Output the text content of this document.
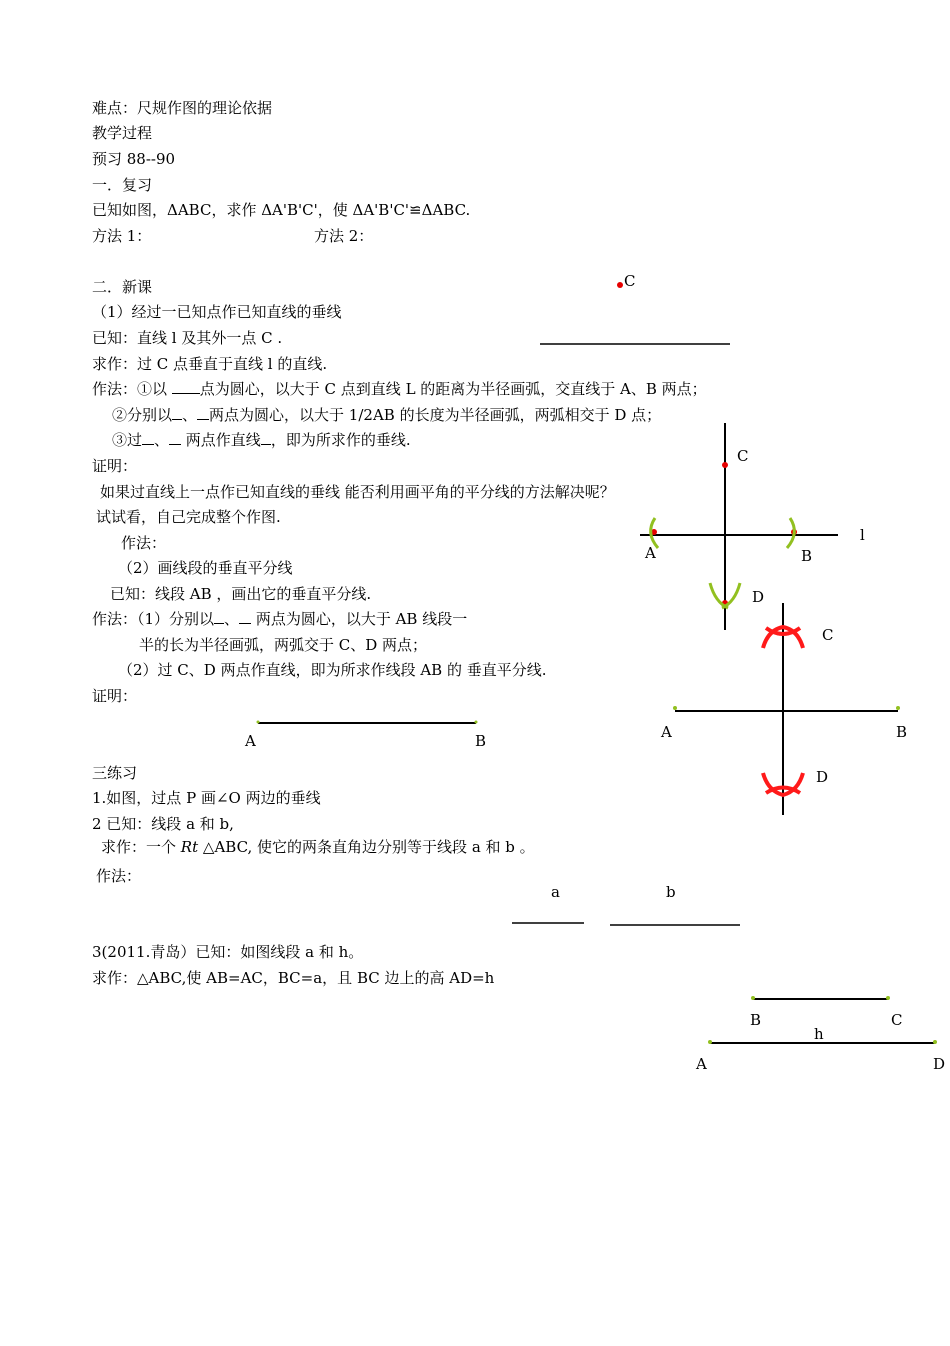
难点：尺规作图的理论依据
教学过程
预习 88--90
一．复习
已知如图，ΔABC，求作 ΔA'B'C'，使 ΔA'B'C'≌ΔABC.
方法 1：	方法 2：
二．新课
（1）经过一已知点作已知直线的垂线
已知：直线 l 及其外一点 C .
求作：过 C 点垂直于直线 l 的直线.
作法：①以 点为圆心，以大于 C 点到直线 L 的距离为半径画弧，交直线于 A、B 两点；
②分别以 、 两点为圆心，以大于 1/2AB 的长度为半径画弧，两弧相交于 D 点；
③过 、 两点作直线 ，即为所求作的垂线.
证明：
如果过直线上一点作已知直线的垂线 能否利用画平角的平分线的方法解决呢？
试试看，自己完成整个作图.
作法：
（2）画线段的垂直平分线
已知：线段 AB ，画出它的垂直平分线.
作法：（1）分别以 、 两点为圆心，以大于 AB 线段一
半的长为半径画弧，两弧交于 C、D 两点；
（2）过 C、D 两点作直线，即为所求作线段 AB 的 垂直平分线.
证明：
三练习
1.如图，过点 P 画∠O 两边的垂线
2 已知：线段 a 和 b,
求作：一个 Rt △ABC, 使它的两条直角边分别等于线段 a 和 b 。
作法：
3(2011.青岛）已知：如图线段 a 和 h。
求作：△ABC,使 AB=AC，BC=a，且 BC 边上的高 AD=h
C
C
l
A	B
D
C
A	B
D
A	B
a	b
B	C
h
A	D
